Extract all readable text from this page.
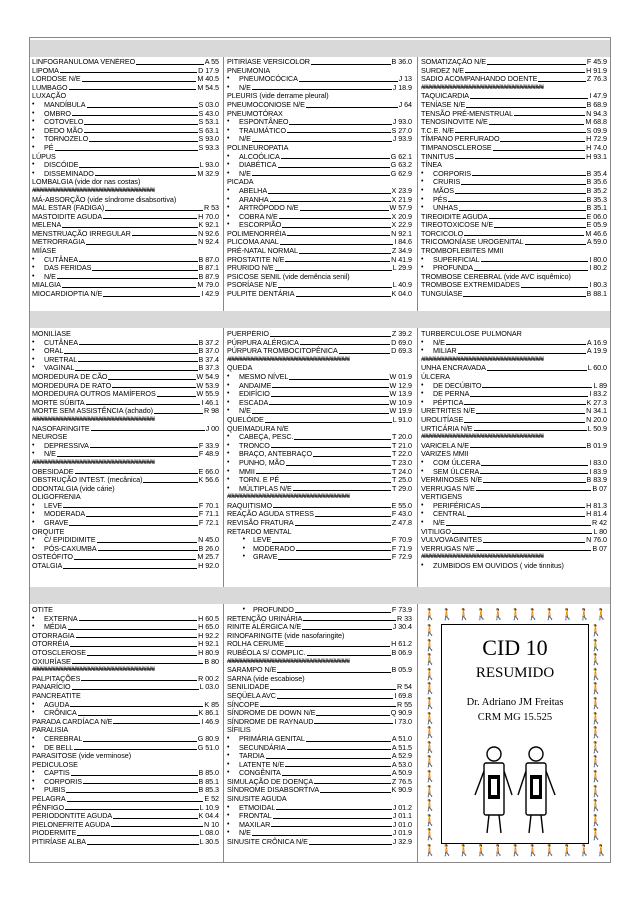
LINFOGRANULOMA VENÉREO	A 55
LIPOMA	D 17.9
LORDOSE N/E	M 40.5
LUMBAGO	M 54.5
LUXAÇÃO
•	MANDÍBULA	S 03.0
•	OMBRO	S 43.0
•	COTOVELO	S 53.1
•	DEDO MÃO	S 63.1
•	TORNOZELO	S 93.0
•	PÉ	S 93.3
LÚPUS
•	DISCÓIDE	L 93.0
•	DISSEMINADO	M 32.9
LOMBALGIA (vide dor nas costas)
##############################################
MÁ-ABSORÇÃO (vide síndrome disabsortiva)
MAL ESTAR (FADIGA)	R 53
MASTOIDITE AGUDA	H 70.0
MELENA	K 92.1
MENSTRUAÇÃO IRREGULAR	N 92.6
METRORRAGIA	N 92.4
MIÍASE
•	CUTÂNEA	B 87.0
•	DAS FERIDAS	B 87.1
•	N/E	B 87.9
MIALGIA	M 79.0
MIOCARDIOPTIA N/E	I 42.9
PITIRÍASE VERSICOLOR	B 36.0
PNEUMONIA
•	PNEUMOCÓCICA	J 13
•	N/E	J 18.9
PLEURIS (vide derrame pleural)
PNEUMOCONIOSE N/E	J 64
PNEUMOTÓRAX
•	ESPONTÂNEO	J 93.0
•	TRAUMÁTICO	S 27.0
•	N/E	J 93.9
POLINEUROPATIA
•	ALCOÓLICA	G 62.1
•	DIABÉTICA	G 63.2
•	N/E	G 62.9
PICADA
•	ABELHA	X 23.9
•	ARANHA	X 21.9
•	ARTRÓPODO N/E	W 57.9
•	COBRA N/E	X 20.9
•	ESCORPIÃO	X 22.9
POLIMENORRÉIA	N 92.1
PLICOMA ANAL	I 84.6
PRÉ-NATAL NORMAL	Z 34.9
PROSTATITE N/E	N 41.9
PRURIDO N/E	L 29.9
PSICOSE SENIL (vide demência senil)
PSORÍASE N/E	L 40.9
PULPITE DENTÁRIA	K 04.0
SOMATIZAÇÃO N/E	F 45.9
SURDEZ N/E	H 91.9
SADIO ACOMPANHANDO DOENTE	Z 76.3
##############################################
TAQUICARDIA	I 47.9
TENÍASE N/E	B 68.9
TENSÃO PRÉ-MENSTRUAL	N 94.3
TENOSINOVITE N/E	M 68.8
T.C.E. N/E	S 09.9
TÍMPANO PERFURADO	H 72.9
TIMPANOSCLEROSE	H 74.0
TINNITUS	H 93.1
TÍNEA
•	CORPORIS	B 35.4
•	CRURIS	B 35.6
•	MÃOS	B 35.2
•	PÉS	B 35.3
•	UNHAS	B 35.1
TIREOIDITE AGUDA	E 06.0
TIREOTOXICOSE N/E	E 05.9
TORCICOLO	M 46.6
TRICOMONÍASE UROGENITAL	A 59.0
TROMBOFLEBITES MMII
•	SUPERFICIAL	I 80.0
•	PROFUNDA	I 80.2
TROMBOSE CEREBRAL (vide AVC isquêmico)
TROMBOSE EXTREMIDADES	I 80.3
TUNGUÍASE	B 88.1
MONILÍASE
•	CUTÂNEA	B 37.2
•	ORAL	B 37.0
•	URETRAL	B 37.4
•	VAGINAL	B 37.3
MORDEDURA DE CÃO	W 54.9
MORDEDURA DE RATO	W 53.9
MORDEDURA OUTROS MAMÍFEROS	W 55.9
MORTE SÚBITA	I 46.1
MORTE SEM ASSISTÊNCIA (achado)	R 98
##############################################
NASOFARINGITE	J 00
NEUROSE
•	DEPRESSIVA	F 33.9
•	N/E	F 48.9
##############################################
OBESIDADE	E 66.0
OBSTRUÇÃO INTEST. (mecânica)	K 56.6
ODONTALGIA (vide cárie)
OLIGOFRENIA
•	LEVE	F 70.1
•	MODERADA	F 71.1
•	GRAVE	F 72.1
ORQUITE
•	C/ EPIDIDIMITE	N 45.0
•	PÓS-CAXUMBA	B 26.0
OSTEÓFITO	M 25.7
OTALGIA	H 92.0
PUERPÉRIO	Z 39.2
PÚRPURA ALÉRGICA	D 69.0
PÚRPURA TROMBOCITOPÊNICA	D 69.3
##############################################
QUEDA
•	MESMO NÍVEL	W 01.9
•	ANDAIME	W 12.9
•	EDIFÍCIO	W 13.9
•	ESCADA	W 10.9
•	N/E	W 19.9
QUELÓIDE	L 91.0
QUEIMADURA N/E
•	CABEÇA, PESC.	T 20.0
•	TRONCO	T 21.0
•	BRAÇO, ANTEBRAÇO	T 22.0
•	PUNHO, MÃO	T 23.0
•	MMII	T 24.0
•	TORN. E PÉ	T 25.0
•	MÚLTIPLAS N/E	T 29.0
##############################################
RAQUITISMO	E 55.0
REAÇÃO AGUDA STRESS	F 43.0
REVISÃO FRATURA	Z 47.8
RETARDO MENTAL
•	LEVE	F 70.9
•	MODERADO	F 71.9
•	GRAVE	F 72.9
TURBERCULOSE PULMONAR
•	N/E	A 16.9
•	MILIAR	A 19.9
##############################################
UNHA ENCRAVADA	L 60.0
ÚLCERA
•	DE DECÚBITO	L 89
•	DE PERNA	I 83.2
•	PÉPTICA	K 27.3
URETRITES N/E	N 34.1
UROLITÍASE	N 20.0
URTICÁRIA N/E	L 50.9
##############################################
VARICELA N/E	B 01.9
VARIZES MMII
•	COM ÚLCERA	I 83.0
•	SEM ÚLCERA	I 83.9
VERMINOSES N/E	B 83.9
VERRUGAS N/E	B 07
VERTIGENS
•	PERIFÉRICAS	H 81.3
•	CENTRAL	H 81.4
•	N/E	R 42
VITILIGO	L 80
VULVOVAGINITES	N 76.0
VERRUGAS N/E	B 07
##############################################
•	ZUMBIDOS EM OUVIDOS ( vide tinnitus)
OTITE
•	EXTERNA	H 60.5
•	MÉDIA	H 65.0
OTORRAGIA	H 92.2
OTORRÉIA	H 92.1
OTOSCLEROSE	H 80.9
OXIURÍASE	B 80
##############################################
PALPITAÇÕES	R 00.2
PANARÍCIO	L 03.0
PANCREATITE
•	AGUDA	K 85
•	CRÔNICA	K 86.1
PARADA CARDÍACA N/E	I 46.9
PARALISIA
•	CEREBRAL	G 80.9
•	DE BELL	G 51.0
PARASITOSE (vide verminose)
PEDICULOSE
•	CAPTIS	B 85.0
•	CORPORIS	B 85.1
•	PUBIS	B 85.3
PELAGRA	E 52
PÊNFIGO	L 10.9
PERIODONTITE AGUDA	K 04.4
PIELONEFRITE AGUDA	N 10
PIODERMITE	L 08.0
PITIRÍASE ALBA	L 30.5
•	PROFUNDO	F 73.9
RETENÇÃO URINÁRIA	R 33
RINITE ALÉRGICA N/E	J 30.4
RINOFARINGITE (vide nasofaringite)
ROLHA CERUME	H 61.2
RUBÉOLA S/ COMPLIC.	B 06.9
##############################################
SARAMPO N/E	B 05.9
SARNA (vide escabiose)
SENILIDADE	R 54
SEQÜELA AVC	I 69.8
SÍNCOPE	R 55
SÍNDROME DE DOWN N/E	Q 90.9
SÍNDROME DE RAYNAUD	I 73.0
SÍFILIS
•	PRIMÁRIA GENITAL	A 51.0
•	SECUNDÁRIA	A 51.5
•	TARDIA	A 52.9
•	LATENTE N/E	A 53.0
•	CONGÊNITA	A 50.9
SIMULAÇÃO DE DOENÇA	Z 76.5
SÍNDROME DISABSORTIVA	K 90.9
SINUSITE AGUDA
•	ETMOIDAL	J 01.2
•	FRONTAL	J 01.1
•	MAXILAR	J 01.0
•	N/E	J 01.9
SINUSITE CRÔNICA N/E	J 32.9
🚶 🚶 🚶 🚶 🚶 🚶 🚶 🚶 🚶 🚶 🚶
🚶 🚶 🚶 🚶 🚶 🚶 🚶 🚶 🚶 🚶 🚶
🚶
🚶
🚶
🚶
🚶
🚶
🚶
🚶
🚶
🚶
🚶
🚶
🚶
🚶
🚶
🚶
🚶
🚶
🚶
🚶
🚶
🚶
🚶
🚶
🚶
🚶
🚶
🚶
🚶
🚶
CID 10
RESUMIDO
Dr. Adriano JM Freitas
CRM MG 15.525
